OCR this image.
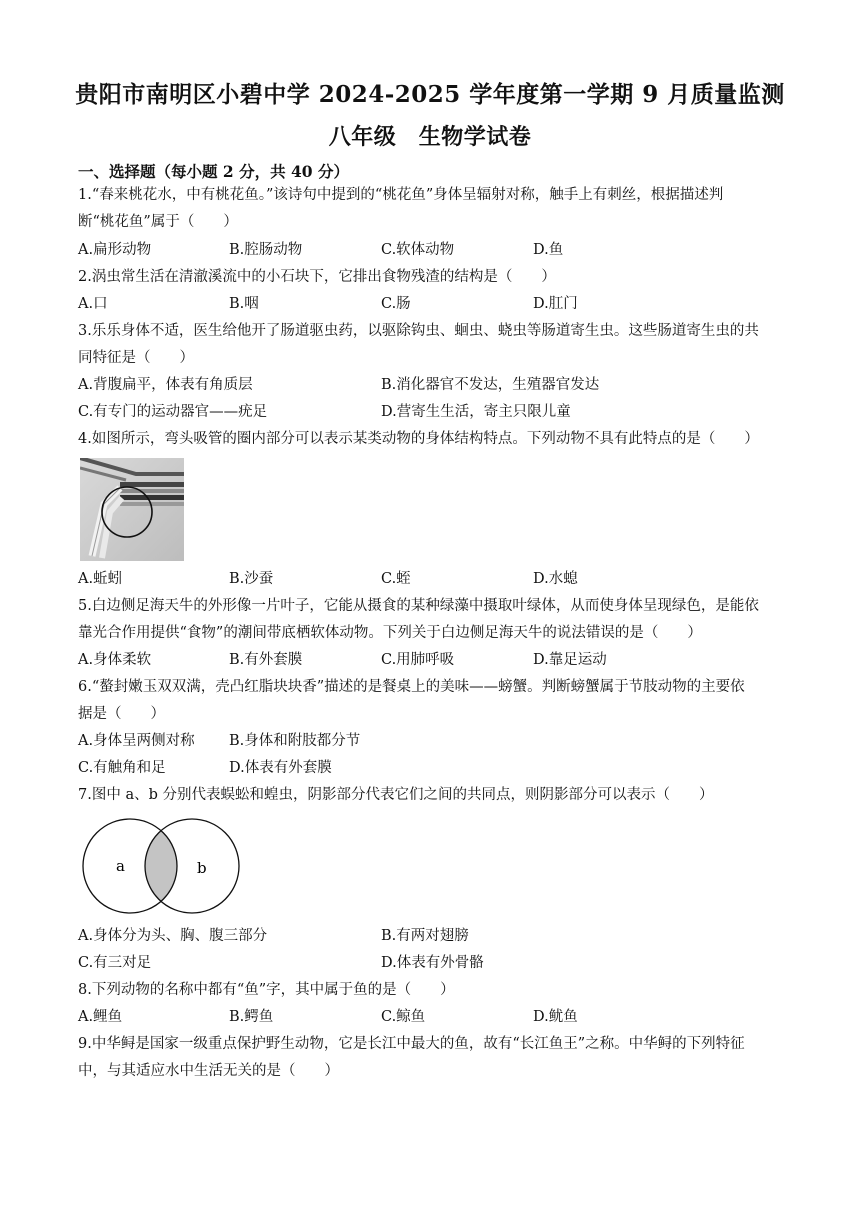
贵阳市南明区小碧中学 2024-2025 学年度第一学期 9 月质量监测
八年级　生物学试卷
一、选择题（每小题 2 分，共 40 分）
1.“春来桃花水，中有桃花鱼。”该诗句中提到的“桃花鱼”身体呈辐射对称，触手上有刺丝，根据描述判
断“桃花鱼”属于（　　）
A.扁形动物	B.腔肠动物	C.软体动物	D.鱼
2.涡虫常生活在清澈溪流中的小石块下，它排出食物残渣的结构是（　　）
A.口	B.咽	C.肠	D.肛门
3.乐乐身体不适，医生给他开了肠道驱虫药，以驱除钩虫、蛔虫、蛲虫等肠道寄生虫。这些肠道寄生虫的共
同特征是（　　）
A.背腹扁平，体表有角质层	B.消化器官不发达，生殖器官发达
C.有专门的运动器官——疣足	D.营寄生生活，寄主只限儿童
4.如图所示，弯头吸管的圈内部分可以表示某类动物的身体结构特点。下列动物不具有此特点的是（　　）
A.蚯蚓	B.沙蚕	C.蛭	D.水螅
5.白边侧足海天牛的外形像一片叶子，它能从摄食的某种绿藻中摄取叶绿体，从而使身体呈现绿色，是能依
靠光合作用提供“食物”的潮间带底栖软体动物。下列关于白边侧足海天牛的说法错误的是（　　）
A.身体柔软	B.有外套膜	C.用肺呼吸	D.靠足运动
6.“螯封嫩玉双双满，壳凸红脂块块香”描述的是餐桌上的美味——螃蟹。判断螃蟹属于节肢动物的主要依
据是（　　）
A.身体呈两侧对称 B.身体和附肢都分节
C.有触角和足	D.体表有外套膜
7.图中 a、b 分别代表蜈蚣和蝗虫，阴影部分代表它们之间的共同点，则阴影部分可以表示（　　）
a	b
A.身体分为头、胸、腹三部分	B.有两对翅膀
C.有三对足	D.体表有外骨骼
8.下列动物的名称中都有“鱼”字，其中属于鱼的是（　　）
A.鲤鱼	B.鳄鱼	C.鲸鱼	D.鱿鱼
9.中华鲟是国家一级重点保护野生动物，它是长江中最大的鱼，故有“长江鱼王”之称。中华鲟的下列特征
中，与其适应水中生活无关的是（　　）
